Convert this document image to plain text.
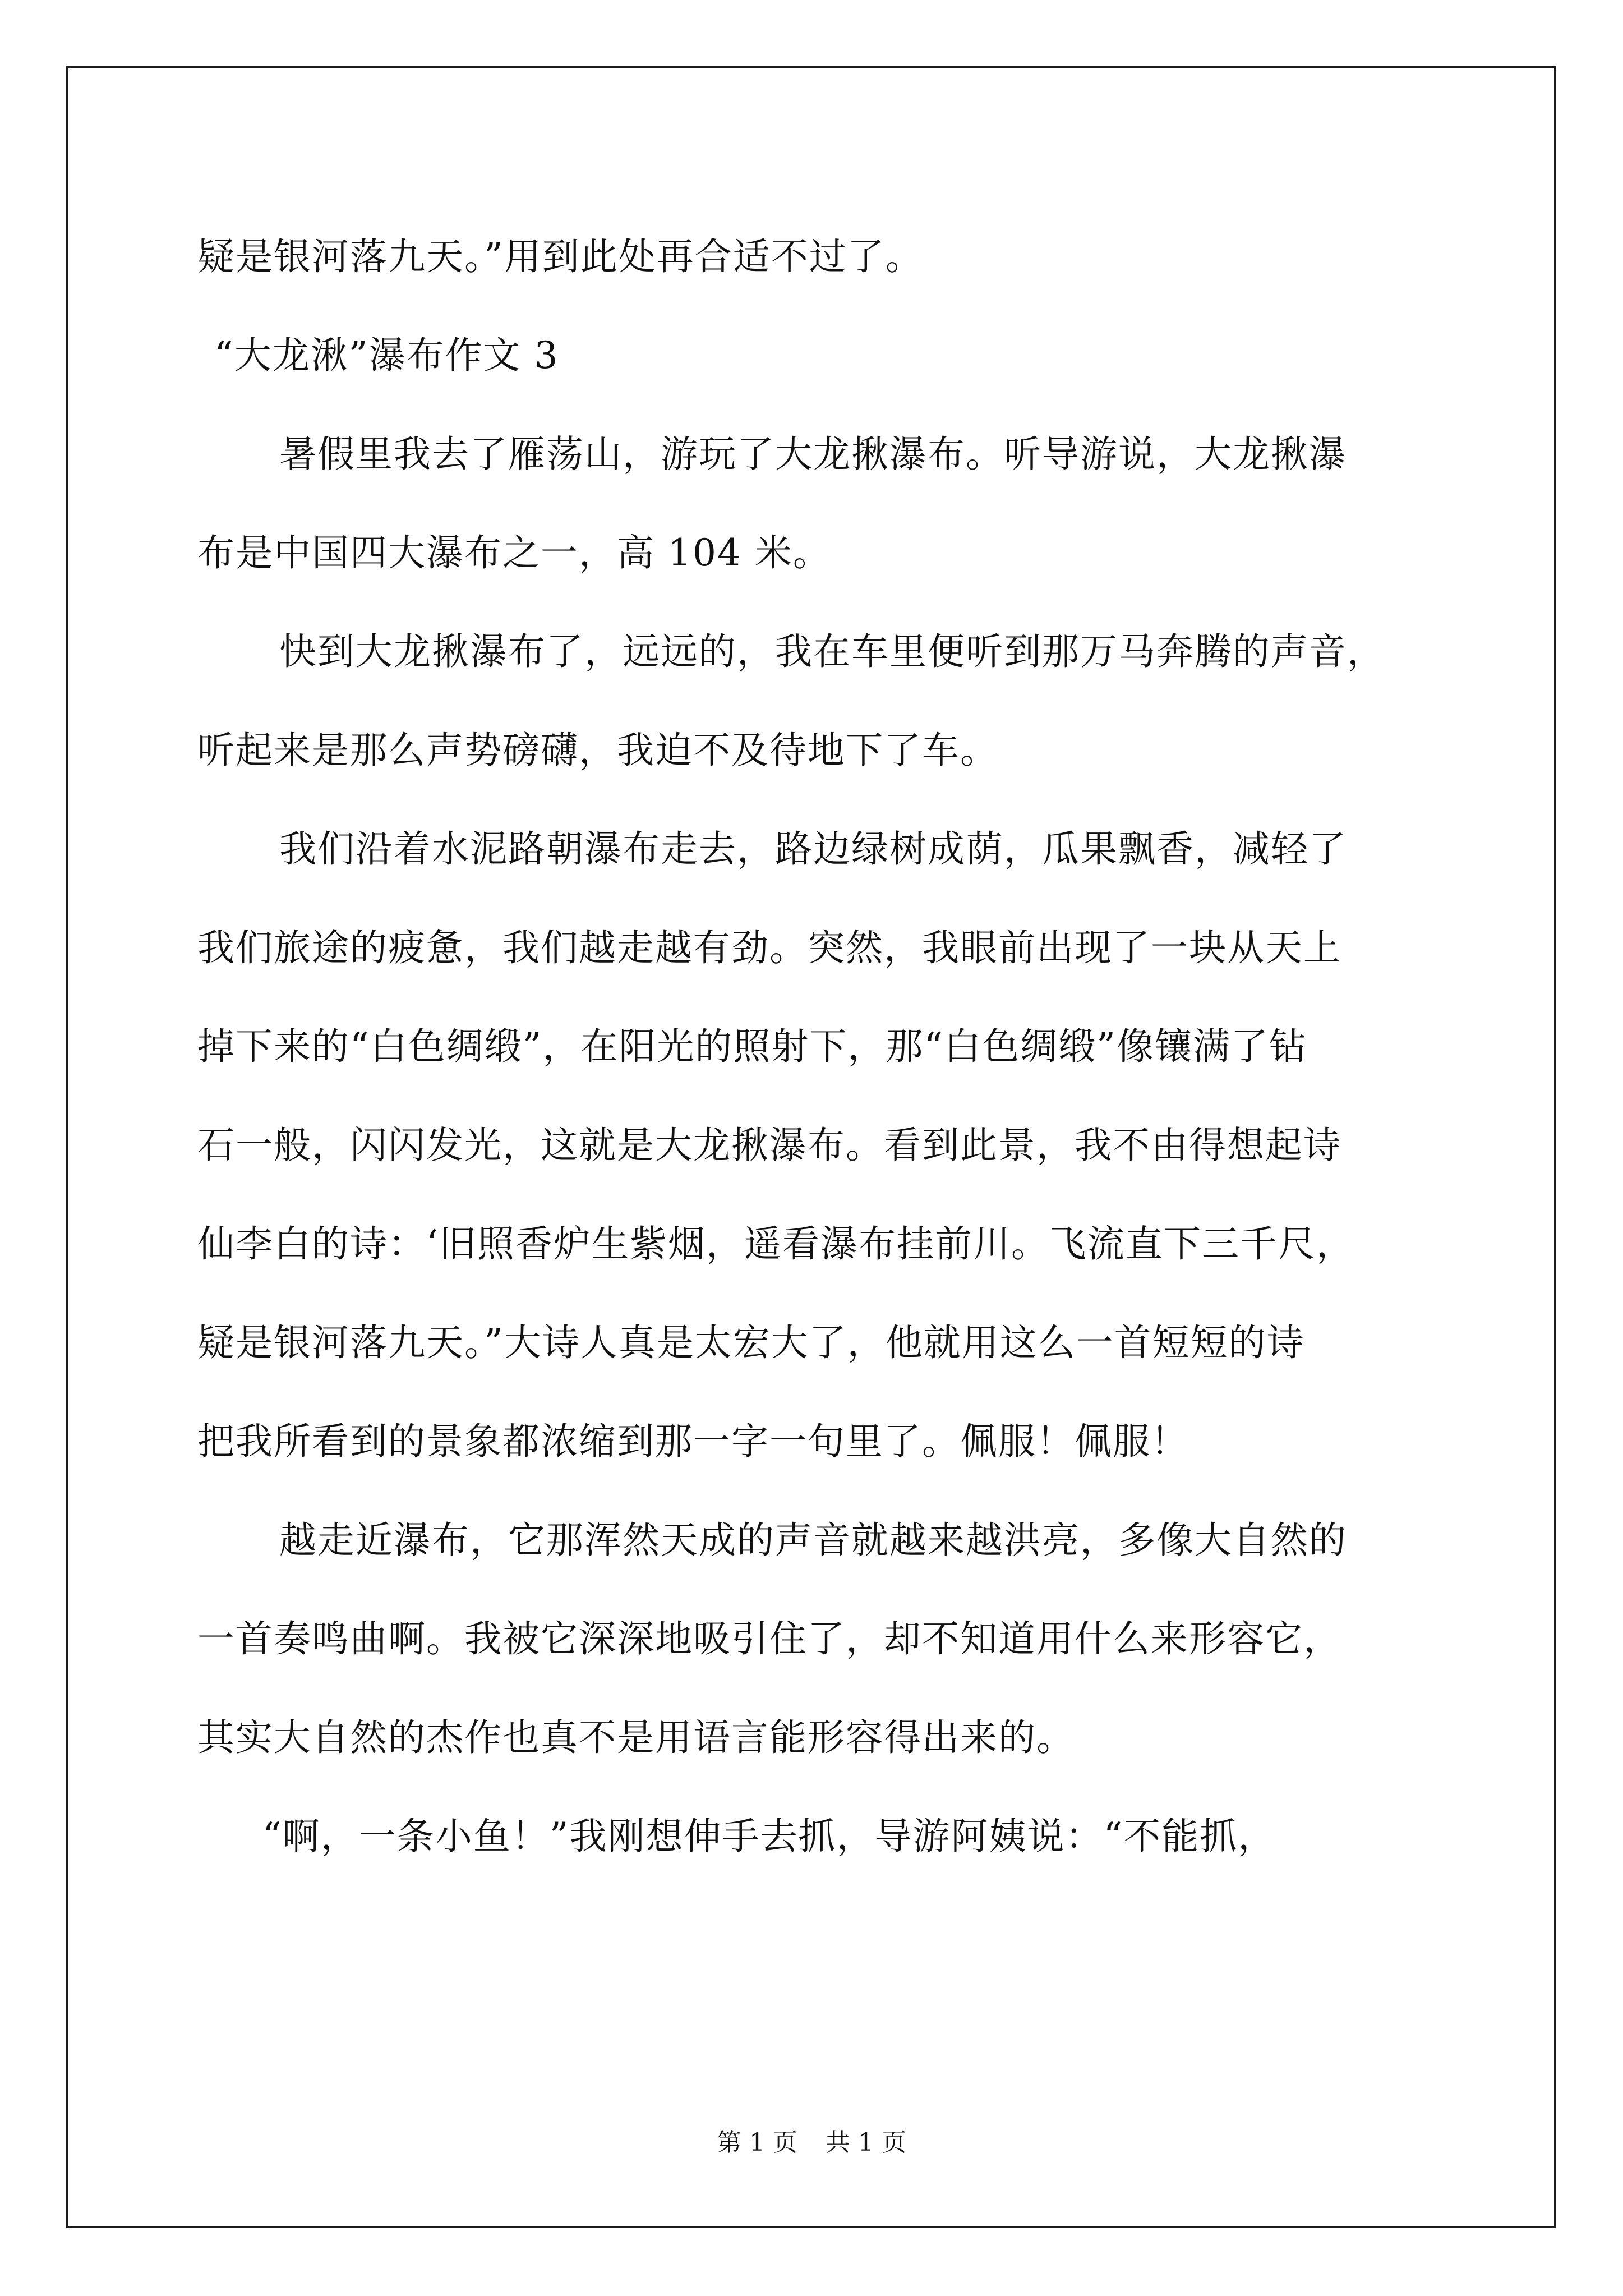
疑是银河落九天。”用到此处再合适不过了。
“大龙湫”瀑布作文 3
暑假里我去了雁荡山，游玩了大龙揪瀑布。听导游说，大龙揪瀑
布是中国四大瀑布之一，高 104 米。
快到大龙揪瀑布了，远远的，我在车里便听到那万马奔腾的声音，
听起来是那么声势磅礴，我迫不及待地下了车。
我们沿着水泥路朝瀑布走去，路边绿树成荫，瓜果飘香，减轻了
我们旅途的疲惫，我们越走越有劲。突然，我眼前出现了一块从天上
掉下来的“白色绸缎”，在阳光的照射下，那“白色绸缎”像镶满了钻
石一般，闪闪发光，这就是大龙揪瀑布。看到此景，我不由得想起诗
仙李白的诗：‘旧照香炉生紫烟，遥看瀑布挂前川。飞流直下三千尺，
疑是银河落九天。”大诗人真是太宏大了，他就用这么一首短短的诗
把我所看到的景象都浓缩到那一字一句里了。佩服！佩服！
越走近瀑布，它那浑然天成的声音就越来越洪亮，多像大自然的
一首奏鸣曲啊。我被它深深地吸引住了，却不知道用什么来形容它，
其实大自然的杰作也真不是用语言能形容得出来的。
“啊，一条小鱼！”我刚想伸手去抓，导游阿姨说：“不能抓，
第 1 页 共 1 页
